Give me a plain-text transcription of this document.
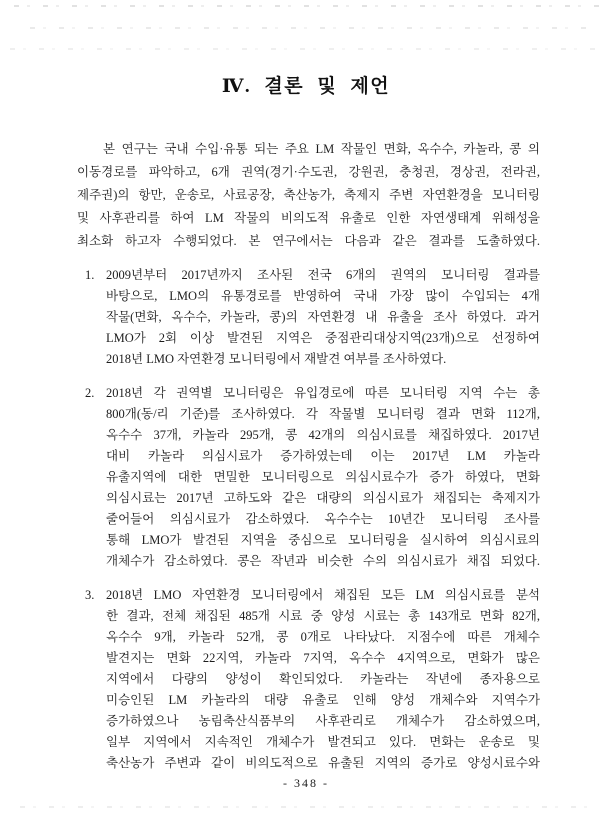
Ⅳ. 결론 및 제언
본 연구는 국내 수입·유통 되는 주요 LM 작물인 면화, 옥수수, 카놀라, 콩 의
이동경로를 파악하고, 6개 권역(경기·수도권, 강원권, 충청권, 경상권, 전라권,
제주권)의 항만, 운송로, 사료공장, 축산농가, 축제지 주변 자연환경을 모니터링
및 사후관리를 하여 LM 작물의 비의도적 유출로 인한 자연생태계 위해성을
최소화 하고자 수행되었다. 본 연구에서는 다음과 같은 결과를 도출하였다.
1. 2009년부터 2017년까지 조사된 전국 6개의 권역의 모니터링 결과를
바탕으로, LMO의 유통경로를 반영하여 국내 가장 많이 수입되는 4개
작물(면화, 옥수수, 카놀라, 콩)의 자연환경 내 유출을 조사 하였다. 과거
LMO가 2회 이상 발견된 지역은 중점관리대상지역(23개)으로 선정하여
2018년 LMO 자연환경 모니터링에서 재발견 여부를 조사하였다.
2. 2018년 각 권역별 모니터링은 유입경로에 따른 모니터링 지역 수는 총
800개(동/리 기준)를 조사하였다. 각 작물별 모니터링 결과 면화 112개,
옥수수 37개, 카놀라 295개, 콩 42개의 의심시료를 채집하였다. 2017년
대비 카놀라 의심시료가 증가하였는데 이는 2017년 LM 카놀라
유출지역에 대한 면밀한 모니터링으로 의심시료수가 증가 하였다, 면화
의심시료는 2017년 고하도와 같은 대량의 의심시료가 채집되는 축제지가
줄어들어 의심시료가 감소하였다. 옥수수는 10년간 모니터링 조사를
통해 LMO가 발견된 지역을 중심으로 모니터링을 실시하여 의심시료의
개체수가 감소하였다. 콩은 작년과 비슷한 수의 의심시료가 채집 되었다.
3. 2018년 LMO 자연환경 모니터링에서 채집된 모든 LM 의심시료를 분석
한 결과, 전체 채집된 485개 시료 중 양성 시료는 총 143개로 면화 82개,
옥수수 9개, 카놀라 52개, 콩 0개로 나타났다. 지점수에 따른 개체수
발견지는 면화 22지역, 카놀라 7지역, 옥수수 4지역으로, 면화가 많은
지역에서 다량의 양성이 확인되었다. 카놀라는 작년에 종자용으로
미승인된 LM 카놀라의 대량 유출로 인해 양성 개체수와 지역수가
증가하였으나 농림축산식품부의 사후관리로 개체수가 감소하였으며,
일부 지역에서 지속적인 개체수가 발견되고 있다. 면화는 운송로 및
축산농가 주변과 같이 비의도적으로 유출된 지역의 증가로 양성시료수와
- 348 -
